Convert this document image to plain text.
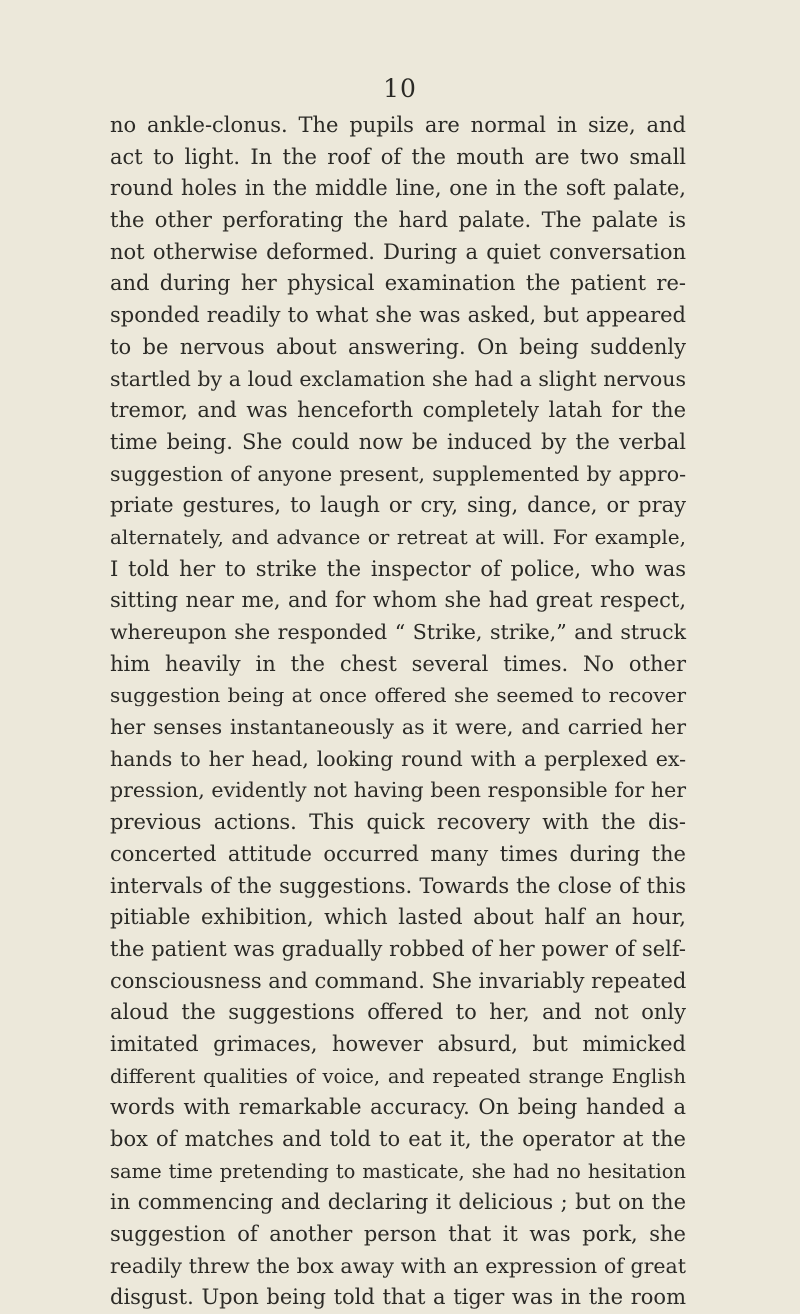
10
no ankle-clonus. The pupils are normal in size, and
act to light. In the roof of the mouth are two small
round holes in the middle line, one in the soft palate,
the other perforating the hard palate. The palate is
not otherwise deformed. During a quiet conversation
and during her physical examination the patient re-
sponded readily to what she was asked, but appeared
to be nervous about answering. On being suddenly
startled by a loud exclamation she had a slight nervous
tremor, and was henceforth completely latah for the
time being. She could now be induced by the verbal
suggestion of anyone present, supplemented by appro-
priate gestures, to laugh or cry, sing, dance, or pray
alternately, and advance or retreat at will. For example,
I told her to strike the inspector of police, who was
sitting near me, and for whom she had great respect,
whereupon she responded “ Strike, strike,” and struck
him heavily in the chest several times. No other
suggestion being at once offered she seemed to recover
her senses instantaneously as it were, and carried her
hands to her head, looking round with a perplexed ex-
pression, evidently not having been responsible for her
previous actions. This quick recovery with the dis-
concerted attitude occurred many times during the
intervals of the suggestions. Towards the close of this
pitiable exhibition, which lasted about half an hour,
the patient was gradually robbed of her power of self-
consciousness and command. She invariably repeated
aloud the suggestions offered to her, and not only
imitated grimaces, however absurd, but mimicked
different qualities of voice, and repeated strange English
words with remarkable accuracy. On being handed a
box of matches and told to eat it, the operator at the
same time pretending to masticate, she had no hesitation
in commencing and declaring it delicious ; but on the
suggestion of another person that it was pork, she
readily threw the box away with an expression of great
disgust. Upon being told that a tiger was in the room
